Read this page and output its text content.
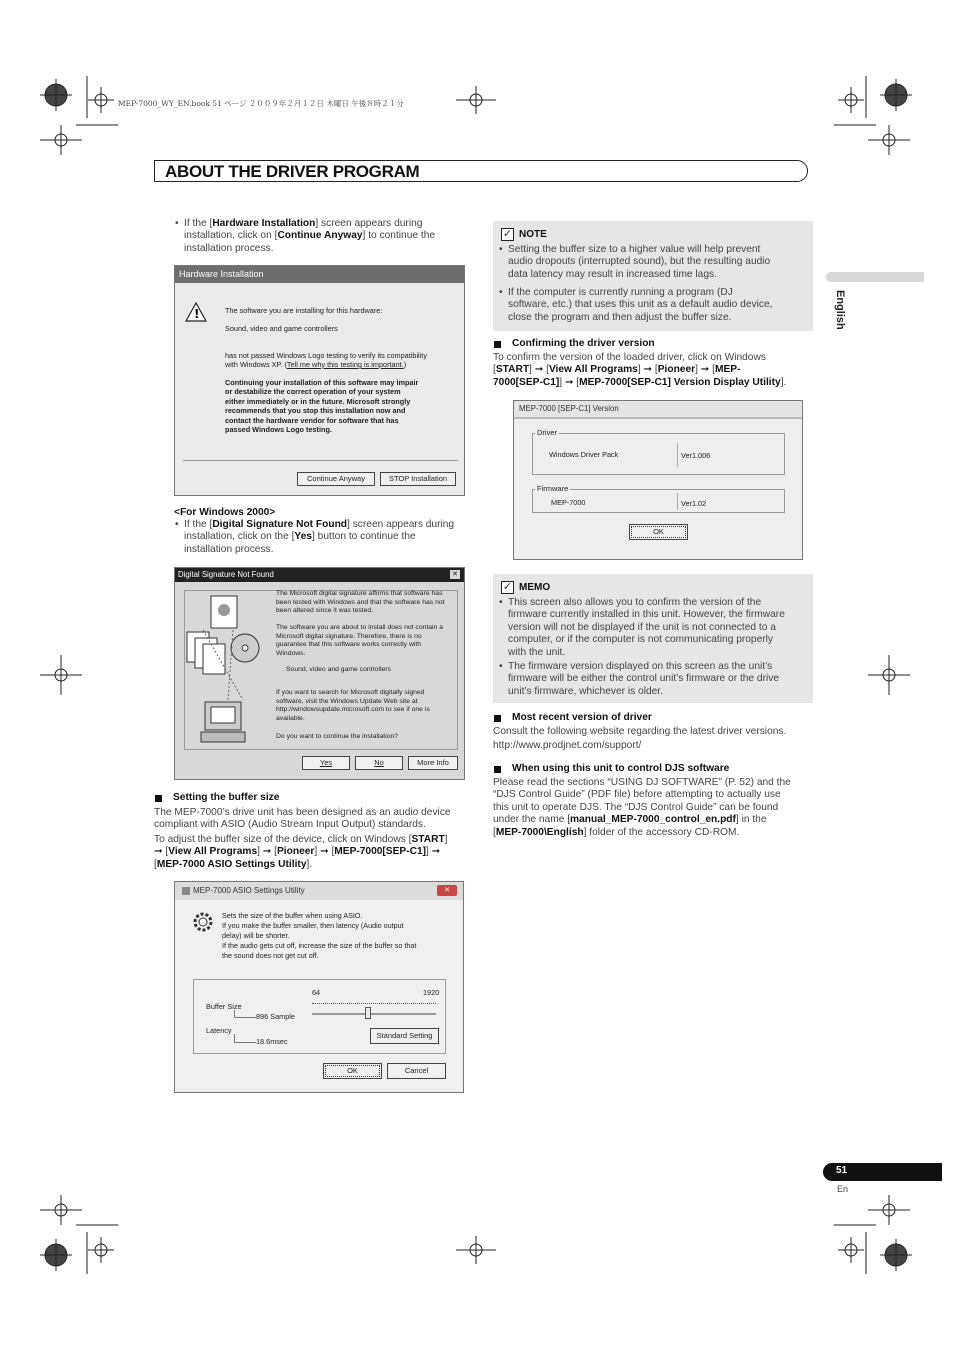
MEP-7000_WY_EN.book 51 ページ ２００９年２月１２日 木曜日 午後８時２１分
ABOUT THE DRIVER PROGRAM
English
51
En
• If the [Hardware Installation] screen appears during
installation, click on [Continue Anyway] to continue the
installation process.
Hardware Installation
!	The software you are installing for this hardware:
Sound, video and game controllers
has not passed Windows Logo testing to verify its compatibility
with Windows XP. (Tell me why this testing is important.)
Continuing your installation of this software may impair
or destabilize the correct operation of your system
either immediately or in the future. Microsoft strongly
recommends that you stop this installation now and
contact the hardware vendor for software that has
passed Windows Logo testing.
Continue Anyway	STOP Installation
<For Windows 2000>
• If the [Digital Signature Not Found] screen appears during
installation, click on the [Yes] button to continue the
installation process.
Digital Signature Not Found	✕
The Microsoft digital signature affirms that software has
been tested with Windows and that the software has not
been altered since it was tested.
The software you are about to install does not contain a
Microsoft digital signature. Therefore, there is no
guarantee that this software works correctly with
Windows.
Sound, video and game controllers
If you want to search for Microsoft digitally signed
software, visit the Windows Update Web site at
http://windowsupdate.microsoft.com to see if one is
available.
Do you want to continue the installation?
Yes	No	More Info
Setting the buffer size
The MEP-7000’s drive unit has been designed as an audio device
compliant with ASIO (Audio Stream Input Output) standards.
To adjust the buffer size of the device, click on Windows [START]
➞ [View All Programs] ➞ [Pioneer] ➞ [MEP-7000[SEP-C1]] ➞
[MEP-7000 ASIO Settings Utility].
MEP-7000 ASIO Settings Utility	✕
Sets the size of the buffer when using ASIO.
If you make the buffer smaller, then latency (Audio output
delay) will be shorter.
If the audio gets cut off, increase the size of the buffer so that
the sound does not get cut off.
64	1920
Buffer Size
896 Sample
Latency
18.6msec
Standard Setting
OK	Cancel
✓ NOTE
• Setting the buffer size to a higher value will help prevent
audio dropouts (interrupted sound), but the resulting audio
data latency may result in increased time lags.
• If the computer is currently running a program (DJ
software, etc.) that uses this unit as a default audio device,
close the program and then adjust the buffer size.
Confirming the driver version
To confirm the version of the loaded driver, click on Windows
[START] ➞ [View All Programs] ➞ [Pioneer] ➞ [MEP-
7000[SEP-C1]] ➞ [MEP-7000[SEP-C1] Version Display Utility].
MEP-7000 [SEP-C1] Version
Driver
Windows Driver Pack	Ver1.006
Firmware
MEP-7000	Ver1.02
OK
✓ MEMO
• This screen also allows you to confirm the version of the
firmware currently installed in this unit. However, the firmware
version will not be displayed if the unit is not connected to a
computer, or if the computer is not communicating properly
with the unit.
• The firmware version displayed on this screen as the unit’s
firmware will be either the control unit’s firmware or the drive
unit’s firmware, whichever is older.
Most recent version of driver
Consult the following website regarding the latest driver versions.
http://www.prodjnet.com/support/
When using this unit to control DJS software
Please read the sections “USING DJ SOFTWARE” (P. 52) and the
“DJS Control Guide” (PDF file) before attempting to actually use
this unit to operate DJS. The “DJS Control Guide” can be found
under the name [manual_MEP-7000_control_en.pdf] in the
[MEP-7000\English] folder of the accessory CD-ROM.
